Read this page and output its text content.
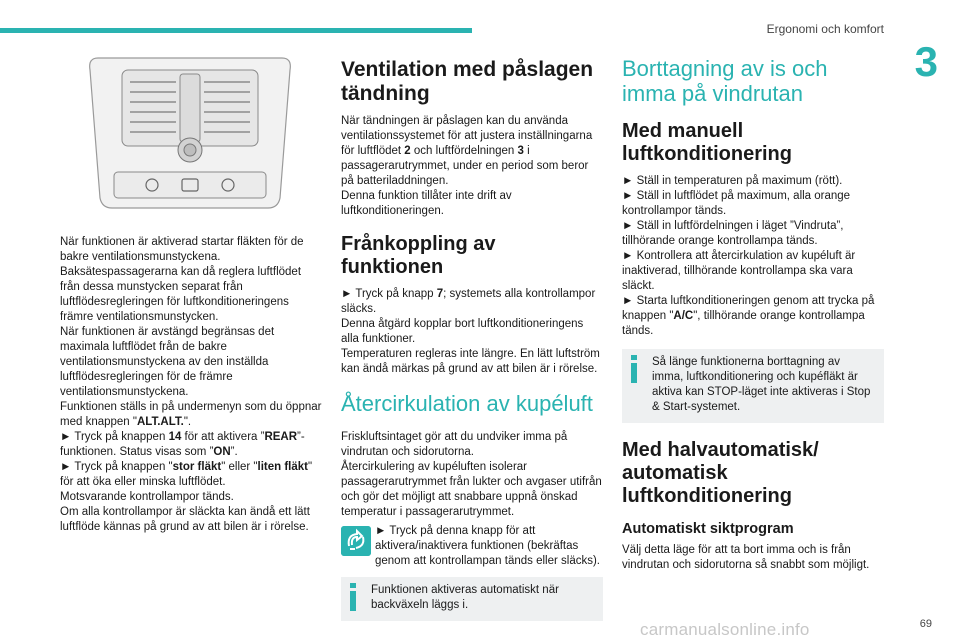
Ergonomi och komfort
3

När funktionen är aktiverad startar fläkten för de bakre ventilationsmunstyckena. Baksätespassagerarna kan då reglera luftflödet från dessa munstycken separat från luftflödesregleringen för luftkonditioneringens främre ventilationsmunstycken.

När funktionen är avstängd begränsas det maximala luftflödet från de bakre ventilationsmunstyckena av den inställda luftflödesregleringen för de främre ventilationsmunstyckena.

Funktionen ställs in på undermenyn som du öppnar med knappen "ALT.ALT.".

► Tryck på knappen 14 för att aktivera ”REAR”-funktionen. Status visas som ”ON”.

► Tryck på knappen "stor fläkt" eller "liten fläkt" för att öka eller minska luftflödet.

Motsvarande kontrollampor tänds.

Om alla kontrollampor är släckta kan ändå ett lätt luftflöde kännas på grund av att bilen är i rörelse.

Ventilation med påslagen tändning

När tändningen är påslagen kan du använda ventilationssystemet för att justera inställningarna för luftflödet 2 och luftfördelningen 3 i passagerarutrymmet, under en period som beror på batteriladdningen.
Denna funktion tillåter inte drift av luftkonditioneringen.

Frånkoppling av funktionen

► Tryck på knapp 7; systemets alla kontrollampor släcks.
Denna åtgärd kopplar bort luftkonditioneringens alla funktioner.
Temperaturen regleras inte längre. En lätt luftström kan ändå märkas på grund av att bilen är i rörelse.

Återcirkulation av kupéluft

Friskluftsintaget gör att du undviker imma på vindrutan och sidorutorna.

Återcirkulering av kupéluften isolerar passagerarutrymmet från lukter och avgaser utifrån och gör det möjligt att snabbare uppnå önskad temperatur i passagerarutrymmet.

► Tryck på denna knapp för att aktivera/inaktivera funktionen (bekräftas genom att kontrollampan tänds eller släcks).

Funktionen aktiveras automatiskt när backväxeln läggs i.

Borttagning av is och imma på vindrutan
Med manuell luftkonditionering

► Ställ in temperaturen på maximum (rött).

► Ställ in luftflödet på maximum, alla orange kontrollampor tänds.

► Ställ in luftfördelningen i läget ”Vindruta”, tillhörande orange kontrollampa tänds.

► Kontrollera att återcirkulation av kupéluft är inaktiverad, tillhörande kontrollampa ska vara släckt.

► Starta luftkonditioneringen genom att trycka på knappen "A/C", tillhörande orange kontrollampa tänds.

Så länge funktionerna borttagning av imma, luftkonditionering och kupéfläkt är aktiva kan STOP-läget inte aktiveras i Stop & Start-systemet.

Med halvautomatisk/ automatisk luftkonditionering
Automatiskt siktprogram

Välj detta läge för att ta bort imma och is från vindrutan och sidorutorna så snabbt som möjligt.

69
carmanualsonline.info
